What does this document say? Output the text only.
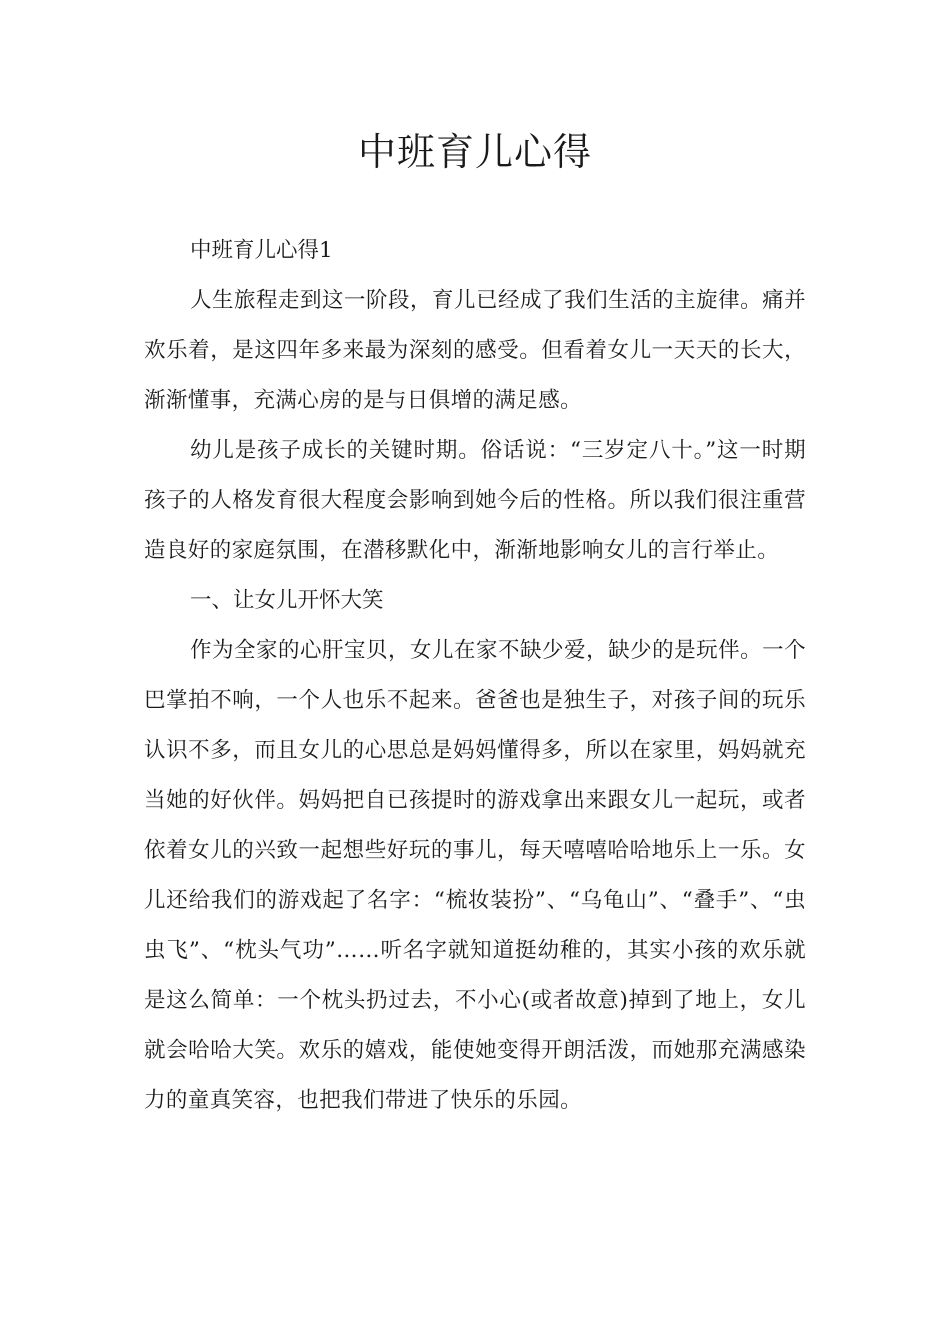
中班育儿心得

中班育儿心得1

人生旅程走到这一阶段，育儿已经成了我们生活的主旋律。痛并欢乐着，是这四年多来最为深刻的感受。但看着女儿一天天的长大，渐渐懂事，充满心房的是与日俱增的满足感。

幼儿是孩子成长的关键时期。俗话说：“三岁定八十。”这一时期孩子的人格发育很大程度会影响到她今后的性格。所以我们很注重营造良好的家庭氛围，在潜移默化中，渐渐地影响女儿的言行举止。

一、让女儿开怀大笑

作为全家的心肝宝贝，女儿在家不缺少爱，缺少的是玩伴。一个巴掌拍不响，一个人也乐不起来。爸爸也是独生子，对孩子间的玩乐认识不多，而且女儿的心思总是妈妈懂得多，所以在家里，妈妈就充当她的好伙伴。妈妈把自已孩提时的游戏拿出来跟女儿一起玩，或者依着女儿的兴致一起想些好玩的事儿，每天嘻嘻哈哈地乐上一乐。女儿还给我们的游戏起了名字：“梳妆装扮”、“乌龟山”、“叠手”、“虫虫飞”、“枕头气功”……听名字就知道挺幼稚的，其实小孩的欢乐就是这么简单：一个枕头扔过去，不小心(或者故意)掉到了地上，女儿就会哈哈大笑。欢乐的嬉戏，能使她变得开朗活泼，而她那充满感染力的童真笑容，也把我们带进了快乐的乐园。
